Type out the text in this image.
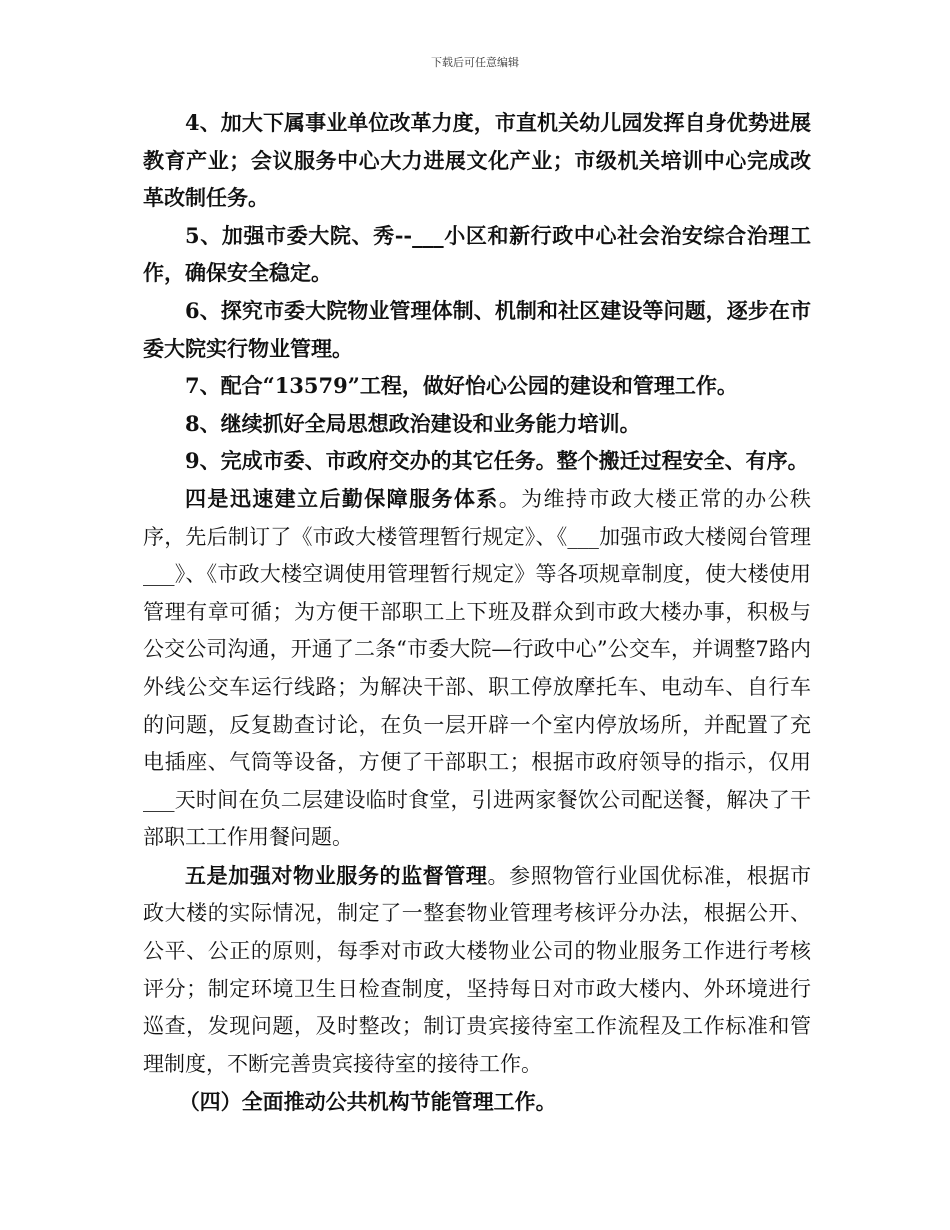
下载后可任意编辑

4、加大下属事业单位改革力度，市直机关幼儿园发挥自身优势进展教育产业；会议服务中心大力进展文化产业；市级机关培训中心完成改革改制任务。

5、加强市委大院、秀--___小区和新行政中心社会治安综合治理工作，确保安全稳定。

6、探究市委大院物业管理体制、机制和社区建设等问题，逐步在市委大院实行物业管理。

7、配合“13579”工程，做好怡心公园的建设和管理工作。

8、继续抓好全局思想政治建设和业务能力培训。

9、完成市委、市政府交办的其它任务。整个搬迁过程安全、有序。

四是迅速建立后勤保障服务体系。为维持市政大楼正常的办公秩序，先后制订了《市政大楼管理暂行规定》、《___加强市政大楼阅台管理___》、《市政大楼空调使用管理暂行规定》等各项规章制度，使大楼使用管理有章可循；为方便干部职工上下班及群众到市政大楼办事，积极与公交公司沟通，开通了二条“市委大院—行政中心”公交车，并调整7路内外线公交车运行线路；为解决干部、职工停放摩托车、电动车、自行车的问题，反复勘查讨论，在负一层开辟一个室内停放场所，并配置了充电插座、气筒等设备，方便了干部职工；根据市政府领导的指示，仅用___天时间在负二层建设临时食堂，引进两家餐饮公司配送餐，解决了干部职工工作用餐问题。

五是加强对物业服务的监督管理。参照物管行业国优标准，根据市政大楼的实际情况，制定了一整套物业管理考核评分办法，根据公开、公平、公正的原则，每季对市政大楼物业公司的物业服务工作进行考核评分；制定环境卫生日检查制度，坚持每日对市政大楼内、外环境进行巡查，发现问题，及时整改；制订贵宾接待室工作流程及工作标准和管理制度，不断完善贵宾接待室的接待工作。

（四）全面推动公共机构节能管理工作。
